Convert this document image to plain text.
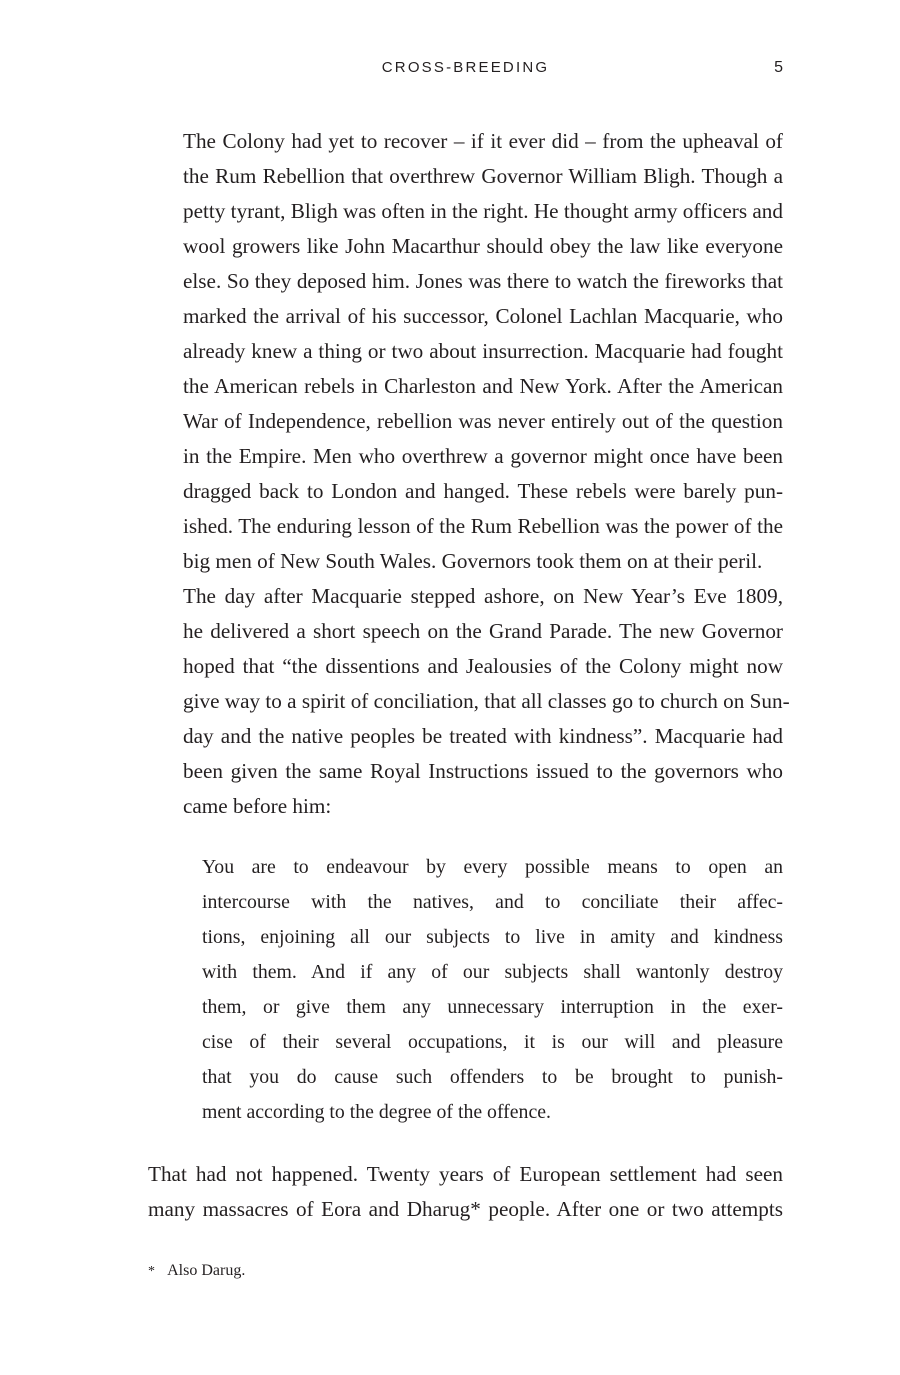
CROSS-BREEDING	5

The Colony had yet to recover – if it ever did – from the upheaval of
the Rum Rebellion that overthrew Governor William Bligh. Though a
petty tyrant, Bligh was often in the right. He thought army officers and
wool growers like John Macarthur should obey the law like everyone
else. So they deposed him. Jones was there to watch the fireworks that
marked the arrival of his successor, Colonel Lachlan Macquarie, who
already knew a thing or two about insurrection. Macquarie had fought
the American rebels in Charleston and New York. After the American
War of Independence, rebellion was never entirely out of the question
in the Empire. Men who overthrew a governor might once have been
dragged back to London and hanged. These rebels were barely pun-
ished. The enduring lesson of the Rum Rebellion was the power of the
big men of New South Wales. Governors took them on at their peril.

The day after Macquarie stepped ashore, on New Year’s Eve 1809,
he delivered a short speech on the Grand Parade. The new Governor
hoped that “the dissentions and Jealousies of the Colony might now
give way to a spirit of conciliation, that all classes go to church on Sun-
day and the native peoples be treated with kindness”. Macquarie had
been given the same Royal Instructions issued to the governors who
came before him:

You are to endeavour by every possible means to open an
intercourse with the natives, and to conciliate their affec-
tions, enjoining all our subjects to live in amity and kindness
with them. And if any of our subjects shall wantonly destroy
them, or give them any unnecessary interruption in the exer-
cise of their several occupations, it is our will and pleasure
that you do cause such offenders to be brought to punish-
ment according to the degree of the offence.

That had not happened. Twenty years of European settlement had seen
many massacres of Eora and Dharug* people. After one or two attempts

* Also Darug.
